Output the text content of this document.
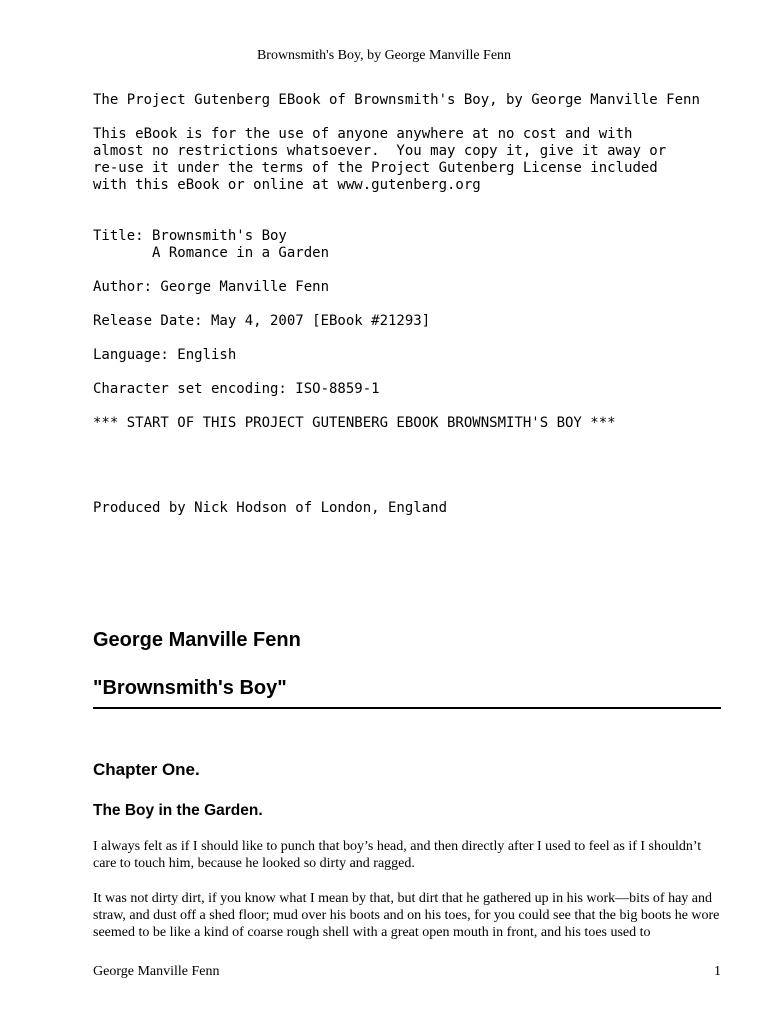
Brownsmith's Boy, by George Manville Fenn
The Project Gutenberg EBook of Brownsmith's Boy, by George Manville Fenn
This eBook is for the use of anyone anywhere at no cost and with
almost no restrictions whatsoever.  You may copy it, give it away or
re-use it under the terms of the Project Gutenberg License included
with this eBook or online at www.gutenberg.org
Title: Brownsmith's Boy
A Romance in a Garden
Author: George Manville Fenn
Release Date: May 4, 2007 [EBook #21293]
Language: English
Character set encoding: ISO-8859-1
*** START OF THIS PROJECT GUTENBERG EBOOK BROWNSMITH'S BOY ***
Produced by Nick Hodson of London, England
George Manville Fenn
"Brownsmith's Boy"
Chapter One.
The Boy in the Garden.
I always felt as if I should like to punch that boy’s head, and then directly after I used to feel as if I shouldn’t care to touch him, because he looked so dirty and ragged.
It was not dirty dirt, if you know what I mean by that, but dirt that he gathered up in his work—bits of hay and straw, and dust off a shed floor; mud over his boots and on his toes, for you could see that the big boots he wore seemed to be like a kind of coarse rough shell with a great open mouth in front, and his toes used to
George Manville Fenn	1
